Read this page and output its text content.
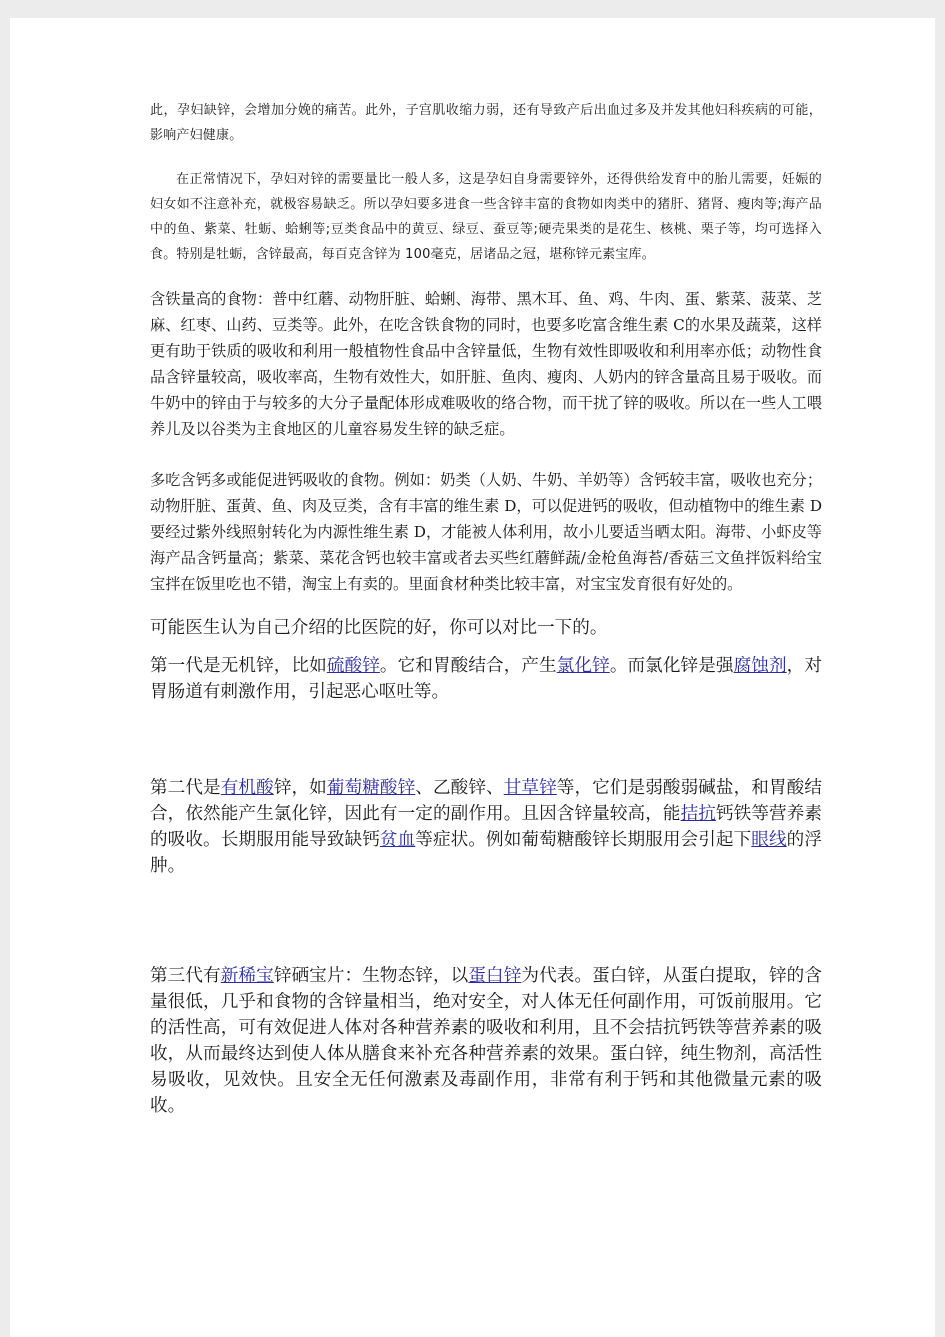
此，孕妇缺锌，会增加分娩的痛苦。此外，子宫肌收缩力弱，还有导致产后出血过多及并发其他妇科疾病的可能，影响产妇健康。

在正常情况下，孕妇对锌的需要量比一般人多，这是孕妇自身需要锌外，还得供给发育中的胎儿需要，妊娠的妇女如不注意补充，就极容易缺乏。所以孕妇要多进食一些含锌丰富的食物如肉类中的猪肝、猪肾、瘦肉等;海产品中的鱼、紫菜、牡蛎、蛤蜊等;豆类食品中的黄豆、绿豆、蚕豆等;硬壳果类的是花生、核桃、栗子等，均可选择入食。特别是牡蛎，含锌最高，每百克含锌为 100毫克，居诸品之冠，堪称锌元素宝库。

含铁量高的食物：普中红蘑、动物肝脏、蛤蜊、海带、黑木耳、鱼、鸡、牛肉、蛋、紫菜、菠菜、芝麻、红枣、山药、豆类等。此外，在吃含铁食物的同时，也要多吃富含维生素 C的水果及蔬菜，这样更有助于铁质的吸收和利用一般植物性食品中含锌量低，生物有效性即吸收和利用率亦低；动物性食品含锌量较高，吸收率高，生物有效性大，如肝脏、鱼肉、瘦肉、人奶内的锌含量高且易于吸收。而牛奶中的锌由于与较多的大分子量配体形成难吸收的络合物，而干扰了锌的吸收。所以在一些人工喂养儿及以谷类为主食地区的儿童容易发生锌的缺乏症。

多吃含钙多或能促进钙吸收的食物。例如：奶类（人奶、牛奶、羊奶等）含钙较丰富，吸收也充分；动物肝脏、蛋黄、鱼、肉及豆类，含有丰富的维生素 D，可以促进钙的吸收，但动植物中的维生素 D 要经过紫外线照射转化为内源性维生素 D，才能被人体利用，故小儿要适当晒太阳。海带、小虾皮等海产品含钙量高；紫菜、菜花含钙也较丰富或者去买些红蘑鲜蔬/金枪鱼海苔/香菇三文鱼拌饭料给宝宝拌在饭里吃也不错，淘宝上有卖的。里面食材种类比较丰富，对宝宝发育很有好处的。

可能医生认为自己介绍的比医院的好，你可以对比一下的。

第一代是无机锌，比如硫酸锌。它和胃酸结合，产生氯化锌。而氯化锌是强腐蚀剂，对胃肠道有刺激作用，引起恶心呕吐等。

第二代是有机酸锌，如葡萄糖酸锌、乙酸锌、甘草锌等，它们是弱酸弱碱盐，和胃酸结合，依然能产生氯化锌，因此有一定的副作用。且因含锌量较高，能拮抗钙铁等营养素的吸收。长期服用能导致缺钙贫血等症状。例如葡萄糖酸锌长期服用会引起下眼线的浮肿。

第三代有新稀宝锌硒宝片：生物态锌，以蛋白锌为代表。蛋白锌，从蛋白提取，锌的含量很低，几乎和食物的含锌量相当，绝对安全，对人体无任何副作用，可饭前服用。它的活性高，可有效促进人体对各种营养素的吸收和利用，且不会拮抗钙铁等营养素的吸收，从而最终达到使人体从膳食来补充各种营养素的效果。蛋白锌，纯生物剂，高活性易吸收，见效快。且安全无任何激素及毒副作用，非常有利于钙和其他微量元素的吸收。
